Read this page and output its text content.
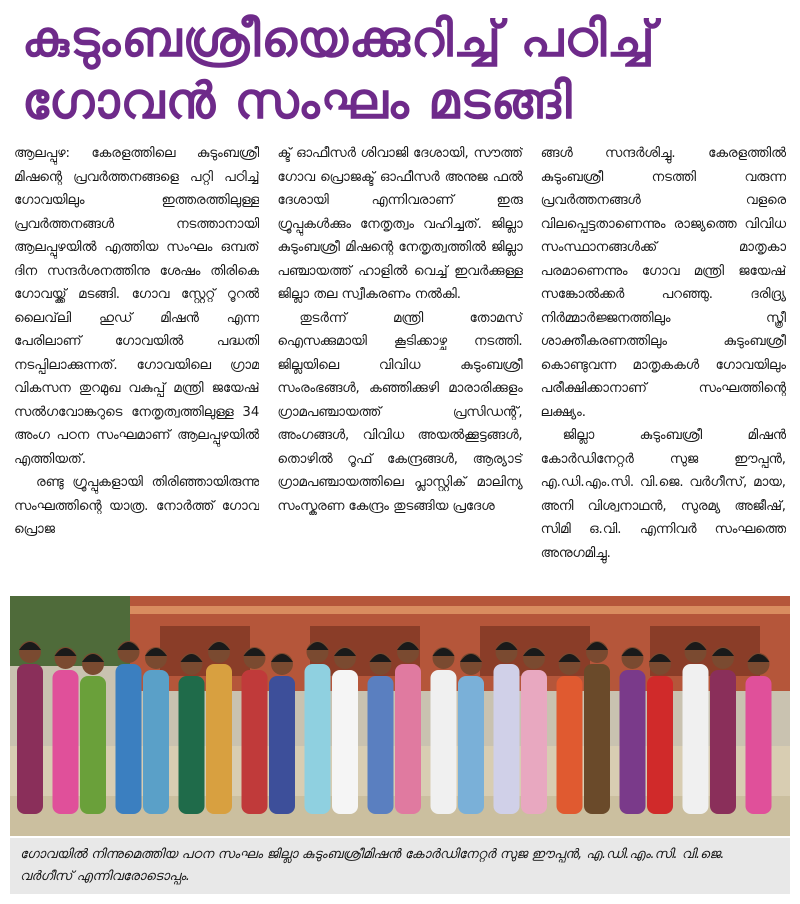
കുടുംബശ്രീയെക്കുറിച്ച് പഠിച്ച്
ഗോവന്‍ സംഘം മടങ്ങി

ആലപ്പുഴ: കേരളത്തിലെ കുടുംബശ്രീ മിഷന്റെ പ്രവര്‍ത്തനങ്ങളെ പറ്റി പഠിച്ച് ഗോവയിലും ഇത്തരത്തിലുള്ള പ്രവര്‍ത്തനങ്ങള്‍ നടത്താനായി ആലപ്പുഴയില്‍ എത്തിയ സംഘം ഒമ്പത് ദിന സന്ദര്‍ശനത്തിനു ശേഷം തിരികെ ഗോവയ്ക്ക് മടങ്ങി. ഗോവ സ്റ്റേറ്റ് റൂറല്‍ ലൈവ്‌ലി ഹുഡ് മിഷന്‍ എന്ന പേരിലാണ് ഗോവയില്‍ പദ്ധതി നടപ്പിലാക്കുന്നത്. ഗോവയിലെ ഗ്രാമ വികസന തുറമുഖ വകുപ്പ് മന്ത്രി ജയേഷ് സല്‍ഗവോങ്കറുടെ നേതൃത്വത്തിലുള്ള 34 അംഗ പഠന സംഘമാണ് ആലപ്പുഴയില്‍ എത്തിയത്.

രണ്ടു ഗ്രൂപ്പുകളായി തിരിഞ്ഞായിരുന്നു സംഘത്തിന്റെ യാത്ര. നോര്‍ത്ത് ഗോവ പ്രൊജ

ക്ട് ഓഫീസര്‍ ശിവാജി ദേശായി, സൗത്ത് ഗോവ പ്രൊജക്ട് ഓഫീസര്‍ അനുജ ഫല്‍ ദേശായി എന്നിവരാണ് ഇരു ഗ്രൂപ്പുകള്‍ക്കും നേതൃത്വം വഹിച്ചത്. ജില്ലാ കുടുംബശ്രീ മിഷന്റെ നേതൃത്വത്തില്‍ ജില്ലാ പഞ്ചായത്ത് ഹാളില്‍ വെച്ച് ഇവര്‍ക്കുള്ള ജില്ലാ തല സ്വീകരണം നല്‍കി.

തുടര്‍ന്ന് മന്ത്രി തോമസ് ഐസക്കുമായി കൂടിക്കാഴ്ച നടത്തി. ജില്ലയിലെ വിവിധ കുടുംബശ്രീ സംരംഭങ്ങള്‍, കഞ്ഞിക്കുഴി മാരാരിക്കുളം ഗ്രാമപഞ്ചായത്ത് പ്രസിഡന്റ്, അംഗങ്ങള്‍, വിവിധ അയല്‍ക്കൂട്ടങ്ങള്‍, തൊഴില്‍ റൂഫ് കേന്ദ്രങ്ങള്‍, ആര്യാട് ഗ്രാമപഞ്ചായത്തിലെ പ്ലാസ്റ്റിക് മാലിന്യ സംസ്കരണ കേന്ദ്രം തുടങ്ങിയ പ്രദേശ

ങ്ങള്‍ സന്ദര്‍ശിച്ചു. കേരളത്തില്‍ കുടുംബശ്രീ നടത്തി വരുന്ന പ്രവര്‍ത്തനങ്ങള്‍ വളരെ വിലപ്പെട്ടതാണെന്നും രാജ്യത്തെ വിവിധ സംസ്ഥാനങ്ങള്‍ക്ക് മാതൃകാ പരമാണെന്നും ഗോവ മന്ത്രി ജയേഷ് സങ്കോല്‍ക്കര്‍ പറഞ്ഞു. ദരിദ്ര്യ നിര്‍മ്മാര്‍ജ്ജനത്തിലും സ്ത്രീ ശാക്തീകരണത്തിലും കുടുംബശ്രീ കൊണ്ടുവന്ന മാതൃകകള്‍ ഗോവയിലും പരീക്ഷിക്കാനാണ് സംഘത്തിന്റെ ലക്ഷ്യം.

ജില്ലാ കുടുംബശ്രീ മിഷന്‍ കോര്‍ഡിനേറ്റര്‍ സുജ ഈപ്പന്‍, എ.ഡി.എം.സി. വി.ജെ. വര്‍ഗീസ്, മായ, അനി വിശ്വനാഥന്‍, സുരമ്യ അജീഷ്, സിമി ഒ.വി. എന്നിവര്‍ സംഘത്തെ അനുഗമിച്ചു.

ഗോവയില്‍ നിന്നുമെത്തിയ പഠന സംഘം ജില്ലാ കുടുംബശ്രീമിഷന്‍ കോര്‍ഡിനേറ്റര്‍ സുജ ഈപ്പന്‍, എ.ഡി.എം.സി. വി.ജെ. വര്‍ഗീസ് എന്നിവരോടൊപ്പം.
